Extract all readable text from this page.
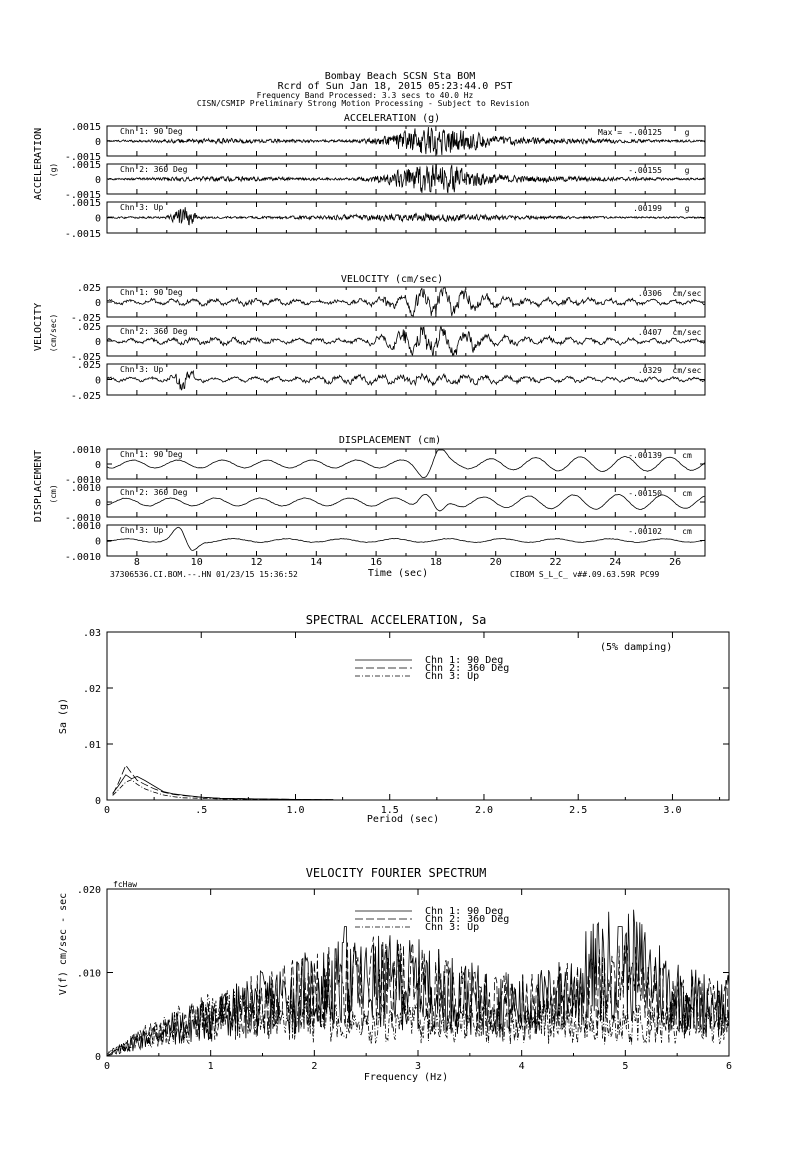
Bombay Beach SCSN Sta BOM
Rcrd of Sun Jan 18, 2015 05:23:44.0 PST
Frequency Band Processed: 3.3 secs to 40.0 Hz
CISN/CSMIP Preliminary Strong Motion Processing - Subject to Revision
ACCELERATION (g)
VELOCITY (cm/sec)
DISPLACEMENT (cm)
ACCELERATION (g)
VELOCITY (cm/sec)
DISPLACEMENT (cm)
Time (sec)
37306536.CI.BOM.--.HN 01/23/15 15:36:52	CIBOM S_L_C_ v##.09.63.59R PC99
SPECTRAL ACCELERATION, Sa
(5% damping)
Sa (g)
Period (sec)
VELOCITY FOURIER SPECTRUM
fcHaw
V(f) cm/sec - sec
Frequency (Hz)
.0015
0
-.0015
Chn 1: 90 Deg	Max = -.00125	g
.0015
0
-.0015
Chn 2: 360 Deg	-.00155	g
.0015
0
-.0015
Chn 3: Up	.00199	g
.025
0
-.025
Chn 1: 90 Deg	.0306 cm/sec
.025
0
-.025
Chn 2: 360 Deg	.0407 cm/sec
.025
0
-.025
Chn 3: Up	.0329 cm/sec
.0010
0
-.0010
Chn 1: 90 Deg	-.00139	cm
.0010
0
-.0010
Chn 2: 360 Deg	-.00150	cm
.0010
0
-.0010
Chn 3: Up	-.00102	cm
8	10	12	14	16	18	20	22	24	26
0	.5	1.0	1.5	2.0	2.5	3.0
0
.01
.02
.03
Chn 1: 90 Deg
Chn 2: 360 Deg
Chn 3: Up
0	1	2	3	4	5	6
0
.010
.020
Chn 1: 90 Deg
Chn 2: 360 Deg
Chn 3: Up
